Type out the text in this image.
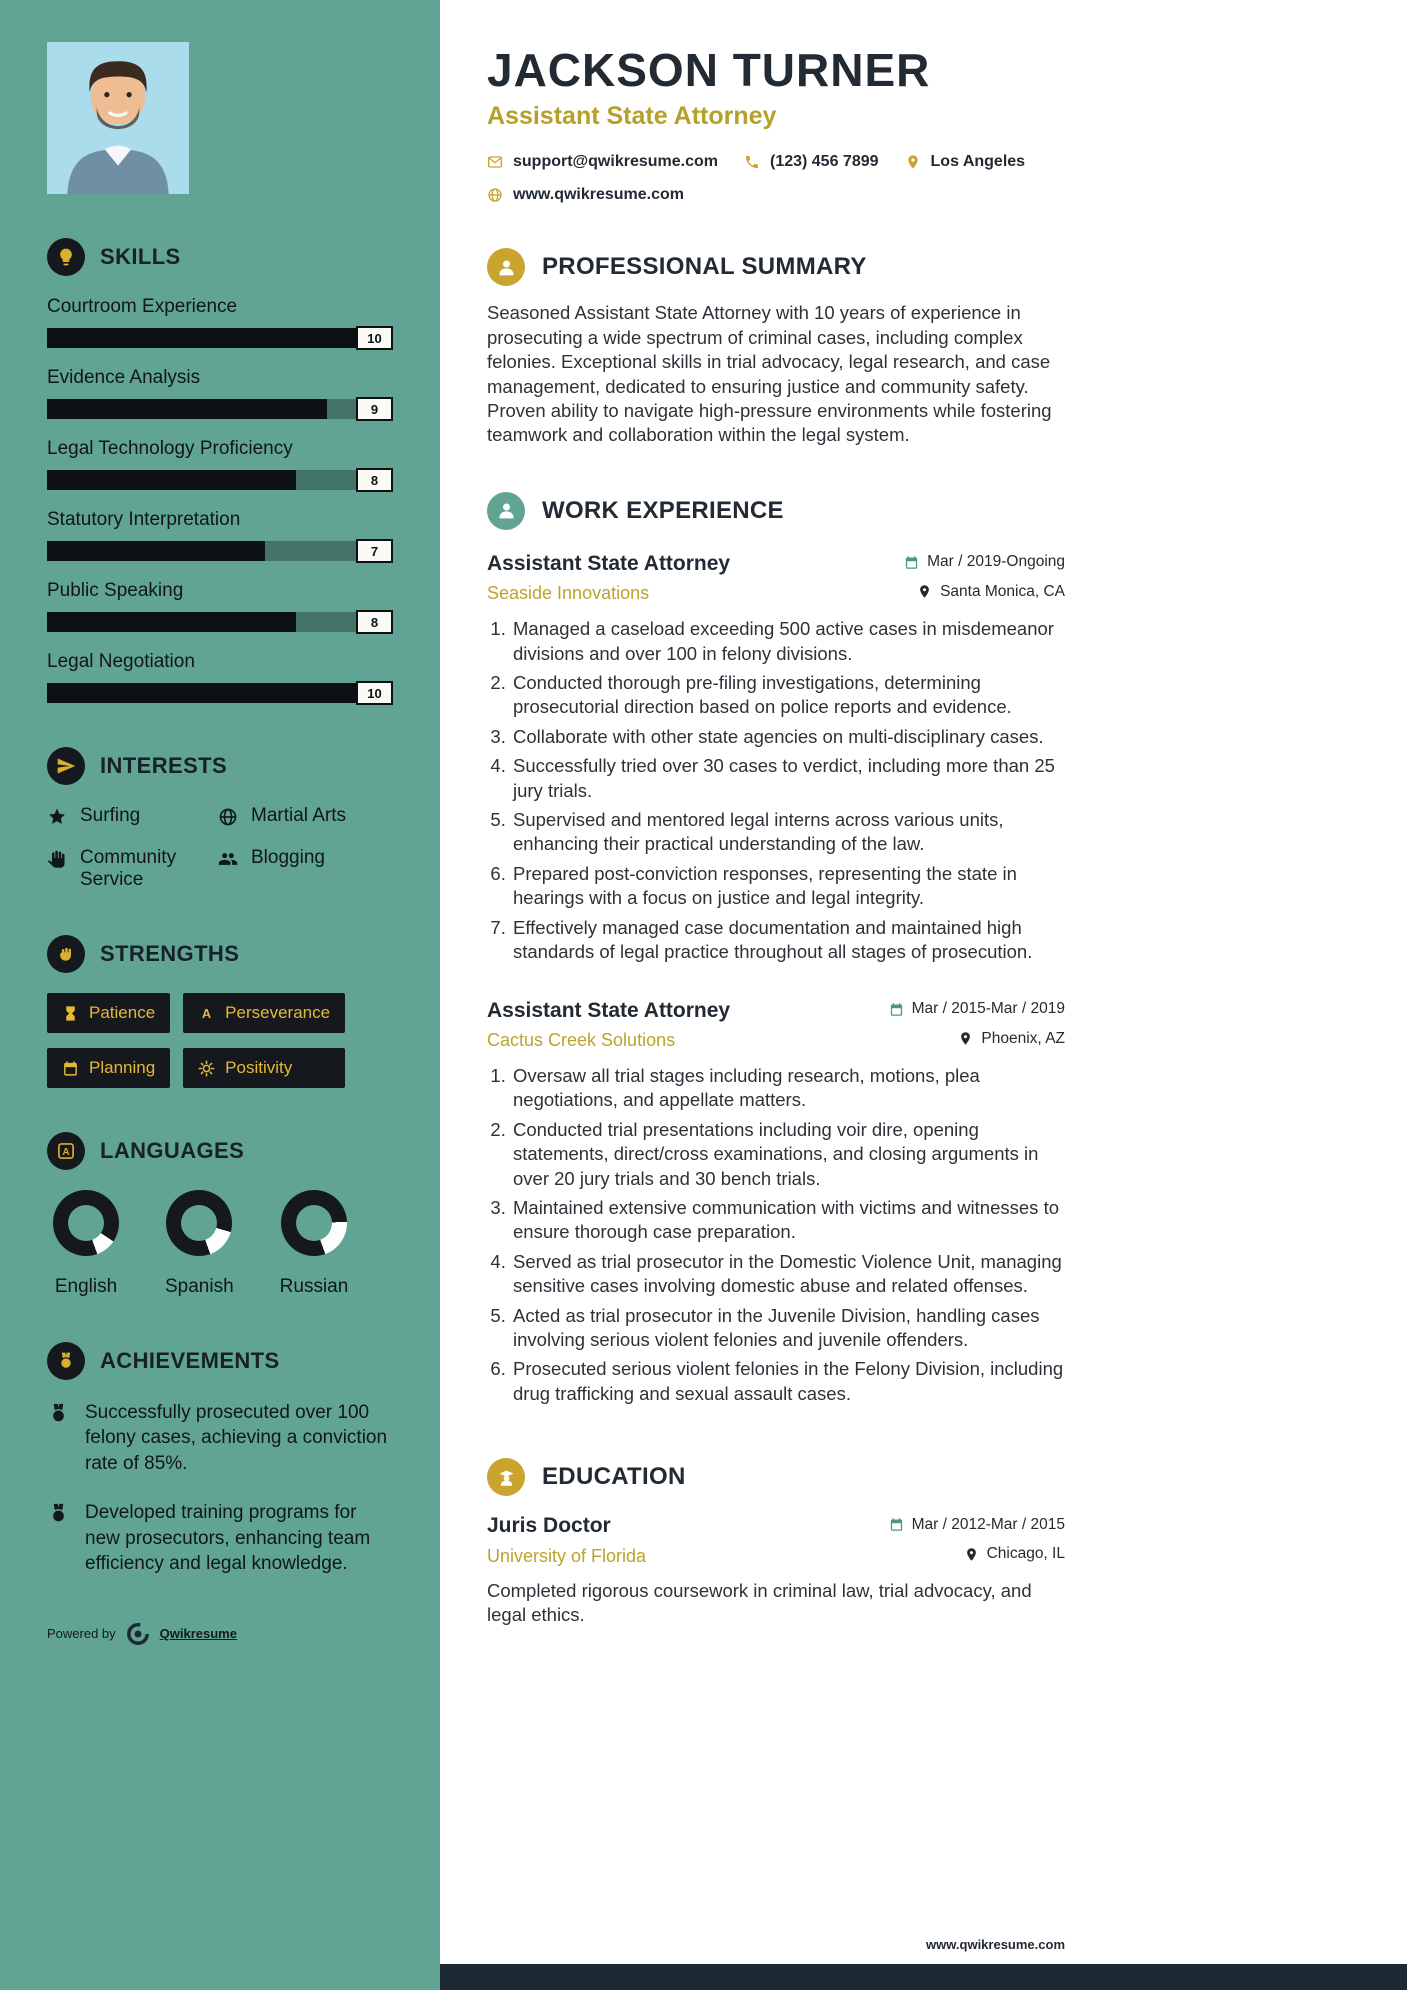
SKILLS
Courtroom Experience
10
Evidence Analysis
9
Legal Technology Proficiency
8
Statutory Interpretation
7
Public Speaking
8
Legal Negotiation
10
INTERESTS
Surfing	Martial Arts
Community Service
Blogging
STRENGTHS
Patience	Perseverance
Planning	Positivity
LANGUAGES
English	Spanish Russian
ACHIEVEMENTS
Successfully prosecuted over 100 felony cases, achieving a conviction rate of 85%.
Developed training programs for new prosecutors, enhancing team efficiency and legal knowledge.
Powered by	Qwikresume
JACKSON TURNER
Assistant State Attorney
support@qwikresume.com	(123) 456 7899	Los Angeles
www.qwikresume.com
PROFESSIONAL SUMMARY

Seasoned Assistant State Attorney with 10 years of experience in prosecuting a wide spectrum of criminal cases, including complex felonies. Exceptional skills in trial advocacy, legal research, and case management, dedicated to ensuring justice and community safety. Proven ability to navigate high-pressure environments while fostering teamwork and collaboration within the legal system.

WORK EXPERIENCE
Assistant State Attorney	Mar / 2019-Ongoing
Seaside Innovations	Santa Monica, CA
1. Managed a caseload exceeding 500 active cases in misdemeanor divisions and over 100 in felony divisions.
2. Conducted thorough pre-filing investigations, determining prosecutorial direction based on police reports and evidence.
3. Collaborate with other state agencies on multi-disciplinary cases.
4. Successfully tried over 30 cases to verdict, including more than 25 jury trials.
5. Supervised and mentored legal interns across various units, enhancing their practical understanding of the law.
6. Prepared post-conviction responses, representing the state in hearings with a focus on justice and legal integrity.
7. Effectively managed case documentation and maintained high standards of legal practice throughout all stages of prosecution.
Assistant State Attorney	Mar / 2015-Mar / 2019
Cactus Creek Solutions	Phoenix, AZ
1. Oversaw all trial stages including research, motions, plea negotiations, and appellate matters.
2. Conducted trial presentations including voir dire, opening statements, direct/cross examinations, and closing arguments in over 20 jury trials and 30 bench trials.
3. Maintained extensive communication with victims and witnesses to ensure thorough case preparation.
4. Served as trial prosecutor in the Domestic Violence Unit, managing sensitive cases involving domestic abuse and related offenses.
5. Acted as trial prosecutor in the Juvenile Division, handling cases involving serious violent felonies and juvenile offenders.
6. Prosecuted serious violent felonies in the Felony Division, including drug trafficking and sexual assault cases.
EDUCATION
Juris Doctor	Mar / 2012-Mar / 2015
University of Florida	Chicago, IL

Completed rigorous coursework in criminal law, trial advocacy, and legal ethics.

www.qwikresume.com
